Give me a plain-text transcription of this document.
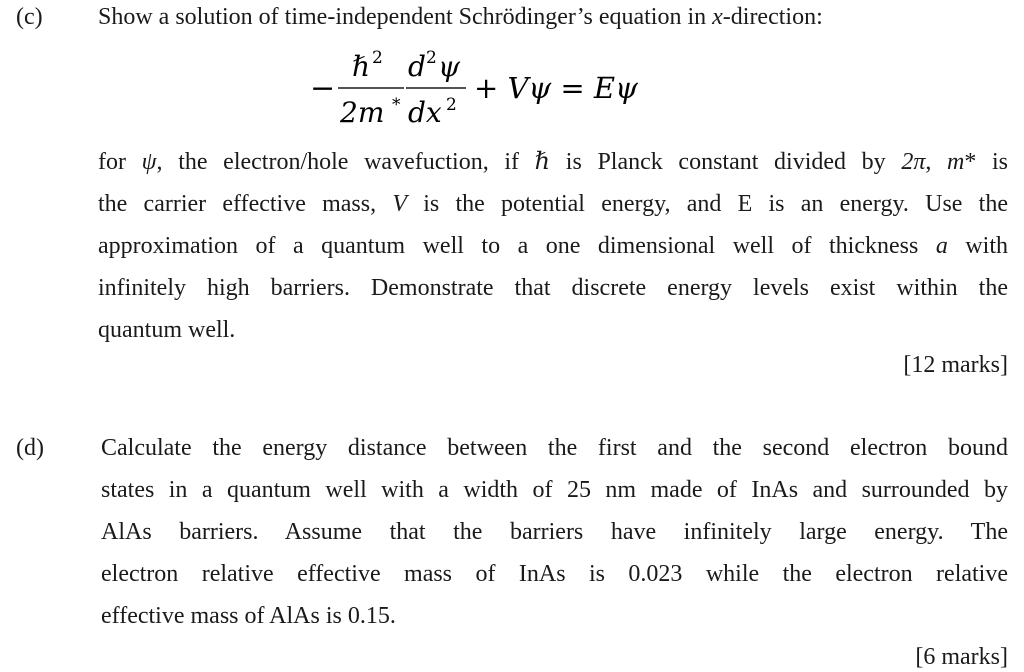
(c) Show a solution of time-independent Schrödinger’s equation in x-direction:
−
ℏ 2
2m *
d 2 ψ
dx 2 + Vψ = Eψ
for ψ, the electron/hole wavefuction, if ℏ is Planck constant divided by 2π, m* is
the carrier effective mass, V is the potential energy, and E is an energy. Use the
approximation of a quantum well to a one dimensional well of thickness a with
infinitely high barriers. Demonstrate that discrete energy levels exist within the
quantum well.
[12 marks]
(d) Calculate the energy distance between the first and the second electron bound
states in a quantum well with a width of 25 nm made of InAs and surrounded by
AlAs barriers. Assume that the barriers have infinitely large energy. The
electron relative effective mass of InAs is 0.023 while the electron relative
effective mass of AlAs is 0.15.
[6 marks]
